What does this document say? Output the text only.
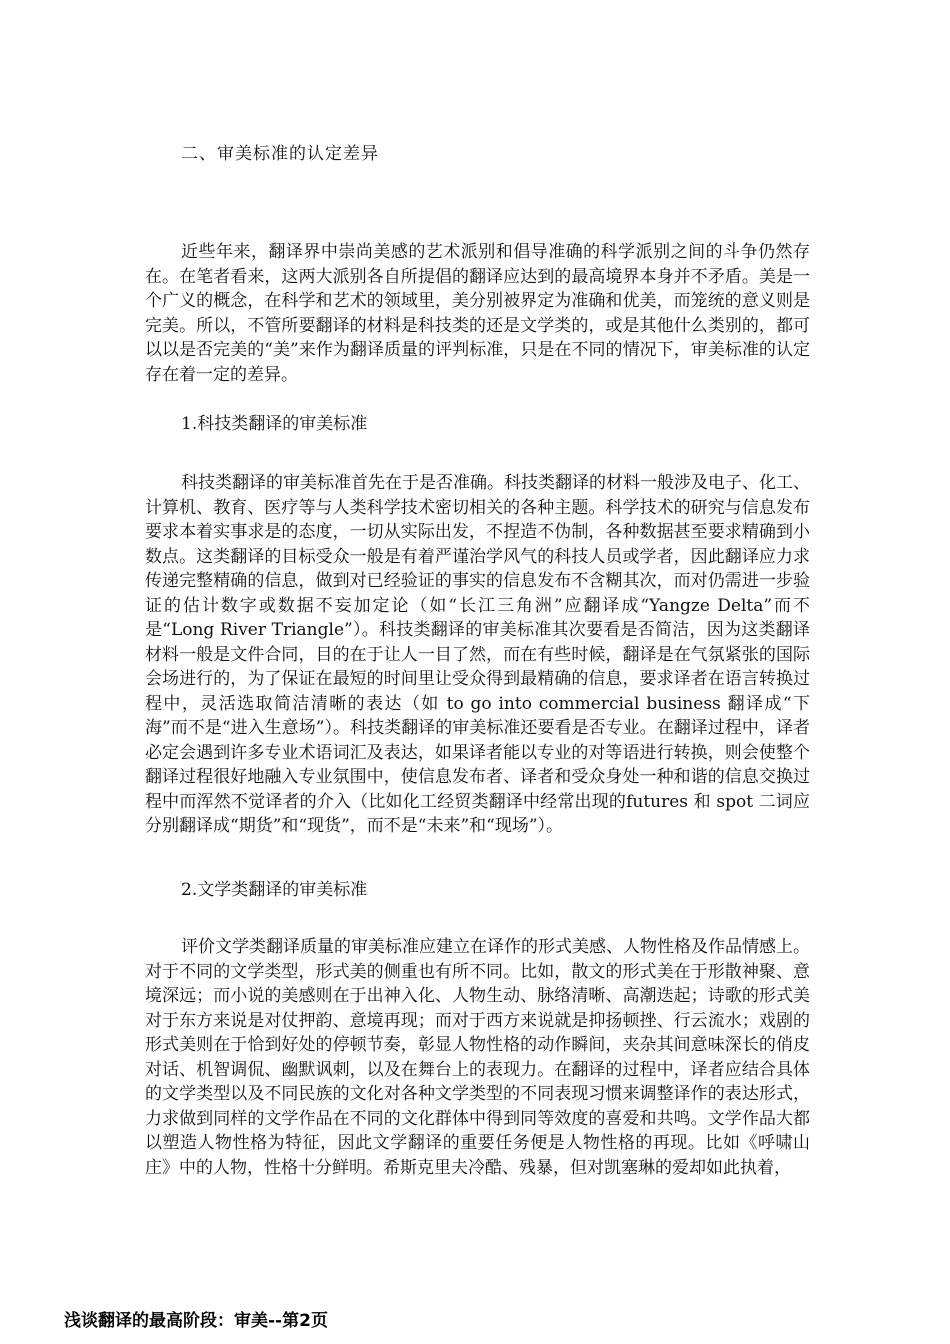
二、审美标准的认定差异

近些年来，翻译界中崇尚美感的艺术派别和倡导准确的科学派别之间的斗争仍然存在。在笔者看来，这两大派别各自所提倡的翻译应达到的最高境界本身并不矛盾。美是一个广义的概念，在科学和艺术的领域里，美分别被界定为准确和优美，而笼统的意义则是完美。所以，不管所要翻译的材料是科技类的还是文学类的，或是其他什么类别的，都可以以是否完美的“美”来作为翻译质量的评判标准，只是在不同的情况下，审美标准的认定存在着一定的差异。

1.科技类翻译的审美标准

科技类翻译的审美标准首先在于是否准确。科技类翻译的材料一般涉及电子、化工、计算机、教育、医疗等与人类科学技术密切相关的各种主题。科学技术的研究与信息发布要求本着实事求是的态度，一切从实际出发，不捏造不伪制，各种数据甚至要求精确到小数点。这类翻译的目标受众一般是有着严谨治学风气的科技人员或学者，因此翻译应力求传递完整精确的信息，做到对已经验证的事实的信息发布不含糊其次，而对仍需进一步验证的估计数字或数据不妄加定论（如“长江三角洲”应翻译成“Yangze Delta”而不是“Long River Triangle”）。科技类翻译的审美标准其次要看是否简洁，因为这类翻译材料一般是文件合同，目的在于让人一目了然，而在有些时候，翻译是在气氛紧张的国际会场进行的，为了保证在最短的时间里让受众得到最精确的信息，要求译者在语言转换过程中，灵活选取简洁清晰的表达（如 to go into commercial business 翻译成“下海”而不是“进入生意场”）。科技类翻译的审美标准还要看是否专业。在翻译过程中，译者必定会遇到许多专业术语词汇及表达，如果译者能以专业的对等语进行转换，则会使整个翻译过程很好地融入专业氛围中，使信息发布者、译者和受众身处一种和谐的信息交换过程中而浑然不觉译者的介入（比如化工经贸类翻译中经常出现的futures 和 spot 二词应分别翻译成“期货”和“现货”，而不是“未来”和“现场”）。

2.文学类翻译的审美标准

评价文学类翻译质量的审美标准应建立在译作的形式美感、人物性格及作品情感上。对于不同的文学类型，形式美的侧重也有所不同。比如，散文的形式美在于形散神聚、意境深远；而小说的美感则在于出神入化、人物生动、脉络清晰、高潮迭起；诗歌的形式美对于东方来说是对仗押韵、意境再现；而对于西方来说就是抑扬顿挫、行云流水；戏剧的形式美则在于恰到好处的停顿节奏，彰显人物性格的动作瞬间，夹杂其间意味深长的俏皮对话、机智调侃、幽默讽刺，以及在舞台上的表现力。在翻译的过程中，译者应结合具体的文学类型以及不同民族的文化对各种文学类型的不同表现习惯来调整译作的表达形式，力求做到同样的文学作品在不同的文化群体中得到同等效度的喜爱和共鸣。文学作品大都以塑造人物性格为特征，因此文学翻译的重要任务便是人物性格的再现。比如《呼啸山庄》中的人物，性格十分鲜明。希斯克里夫冷酷、残暴，但对凯塞琳的爱却如此执着，

浅谈翻译的最高阶段：审美--第2页
